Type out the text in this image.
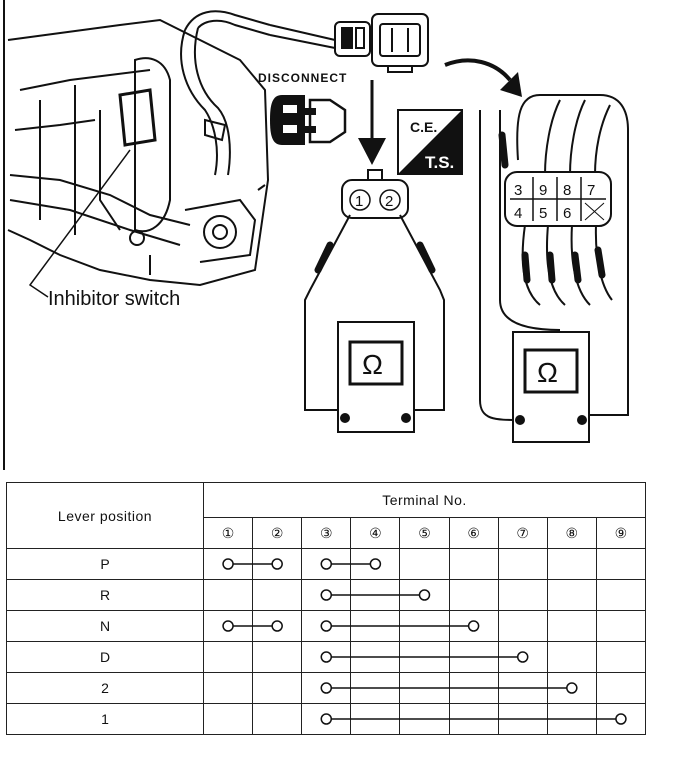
Inhibitor switch
DISCONNECT
C.E.
T.S.
1 2
Ω
3 9 8 7
4 5 6
Ω
Lever position	Terminal No.								
	①	②	③	④	⑤	⑥	⑦	⑧	⑨
P									
R									
N									
D									
2									
1									
